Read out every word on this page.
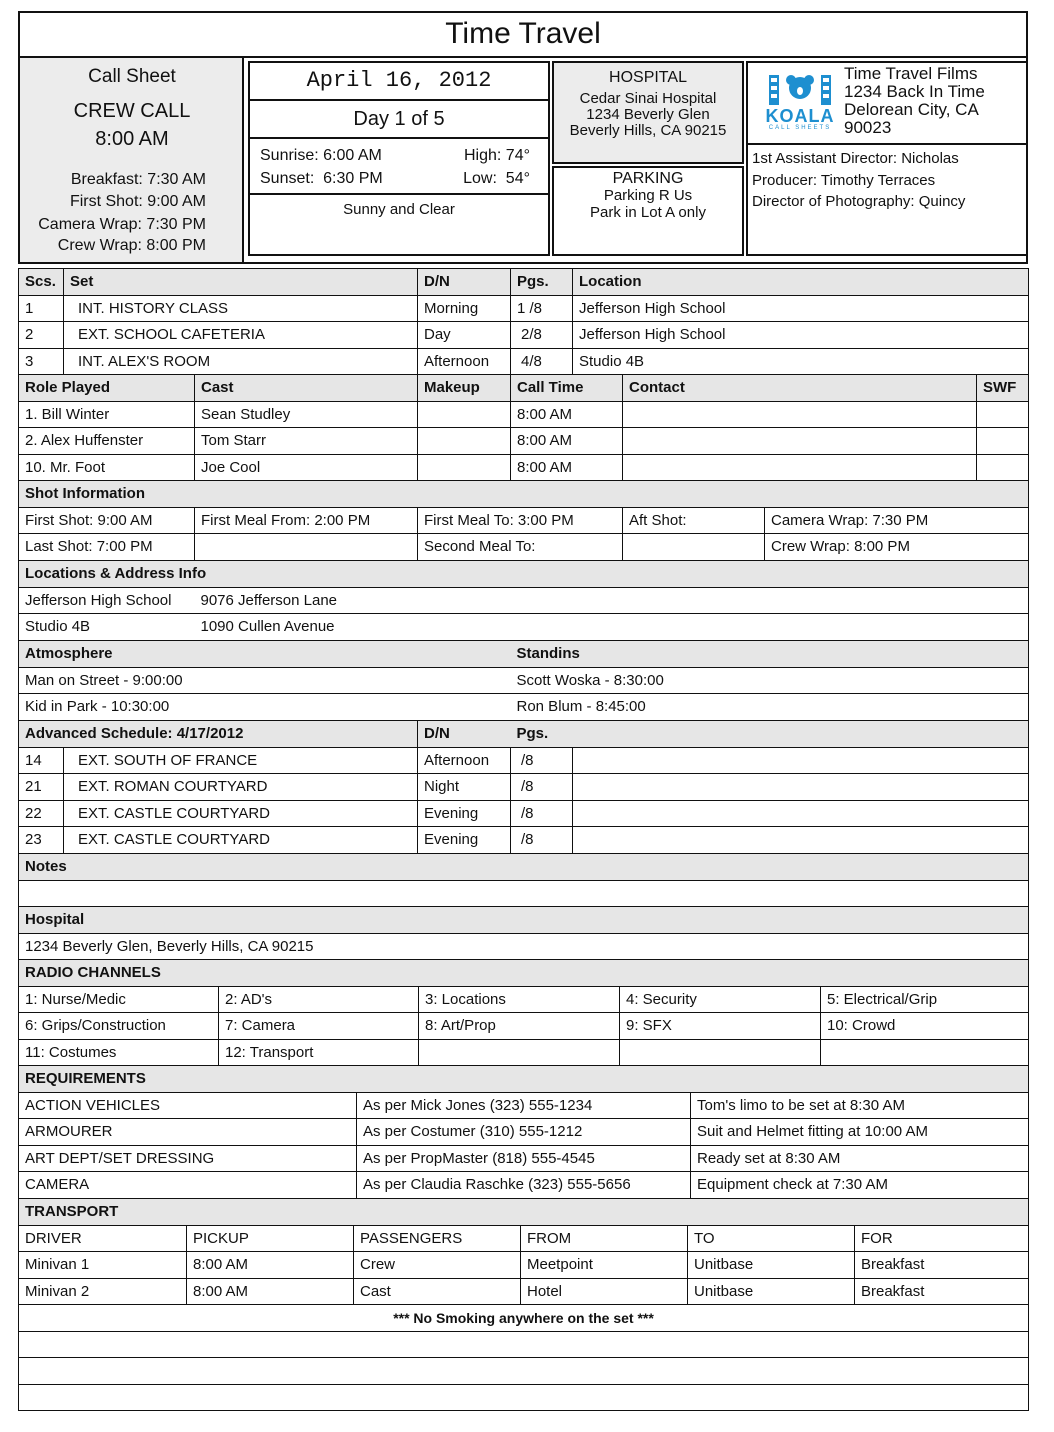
Time Travel
Call Sheet
CREW CALL
8:00 AM
Breakfast: 7:30 AM
First Shot: 9:00 AM
Camera Wrap: 7:30 PM
Crew Wrap: 8:00 PM
April 16, 2012
Day 1 of 5
Sunrise: 6:00 AM	High: 74°
Sunset:  6:30 PM	Low:  54°
Sunny and Clear
HOSPITAL
Cedar Sinai Hospital
1234 Beverly Glen
Beverly Hills, CA 90215
PARKING
Parking R Us
Park in Lot A only
KOALA
CALL SHEETS
Time Travel Films
1234 Back In Time
Delorean City, CA
90023
1st Assistant Director: Nicholas
Producer: Timothy Terraces
Director of Photography: Quincy
Scs.	Set	D/N	Pgs.	Location
1	INT. HISTORY CLASS	Morning	1 /8	Jefferson High School
2	EXT. SCHOOL CAFETERIA	Day	2/8	Jefferson High School
3	INT. ALEX'S ROOM	Afternoon	4/8	Studio 4B
Role Played	Cast	Makeup	Call Time	Contact	SWF
1. Bill Winter	Sean Studley		8:00 AM		
2. Alex Huffenster	Tom Starr		8:00 AM		
10. Mr. Foot	Joe Cool		8:00 AM		
Shot Information				
First Shot: 9:00 AM	First Meal From: 2:00 PM	First Meal To: 3:00 PM	Aft Shot:	Camera Wrap: 7:30 PM
Last Shot: 7:00 PM		Second Meal To:		Crew Wrap: 8:00 PM
Locations & Address Info	
Jefferson High School	9076 Jefferson Lane
Studio 4B	1090 Cullen Avenue
Atmosphere	Standins
Man on Street - 9:00:00	Scott Woska - 8:30:00
Kid in Park - 10:30:00	Ron Blum - 8:45:00
Advanced Schedule: 4/17/2012		D/N	Pgs.	
14	EXT. SOUTH OF FRANCE	Afternoon	/8	
21	EXT. ROMAN COURTYARD	Night	/8	
22	EXT. CASTLE COURTYARD	Evening	/8	
23	EXT. CASTLE COURTYARD	Evening	/8	
Notes

Hospital
1234 Beverly Glen, Beverly Hills, CA 90215
RADIO CHANNELS				
1: Nurse/Medic	2: AD's	3: Locations	4: Security	5: Electrical/Grip
6: Grips/Construction	7: Camera	8: Art/Prop	9: SFX	10: Crowd
11: Costumes	12: Transport			
REQUIREMENTS		
ACTION VEHICLES	As per Mick Jones (323) 555-1234	Tom's limo to be set at 8:30 AM
ARMOURER	As per Costumer (310) 555-1212	Suit and Helmet fitting at 10:00 AM
ART DEPT/SET DRESSING	As per PropMaster (818) 555-4545	Ready set at 8:30 AM
CAMERA	As per Claudia Raschke (323) 555-5656	Equipment check at 7:30 AM
TRANSPORT					
DRIVER	PICKUP	PASSENGERS	FROM	TO	FOR
Minivan 1	8:00 AM	Crew	Meetpoint	Unitbase	Breakfast
Minivan 2	8:00 AM	Cast	Hotel	Unitbase	Breakfast
*** No Smoking anywhere on the set ***
